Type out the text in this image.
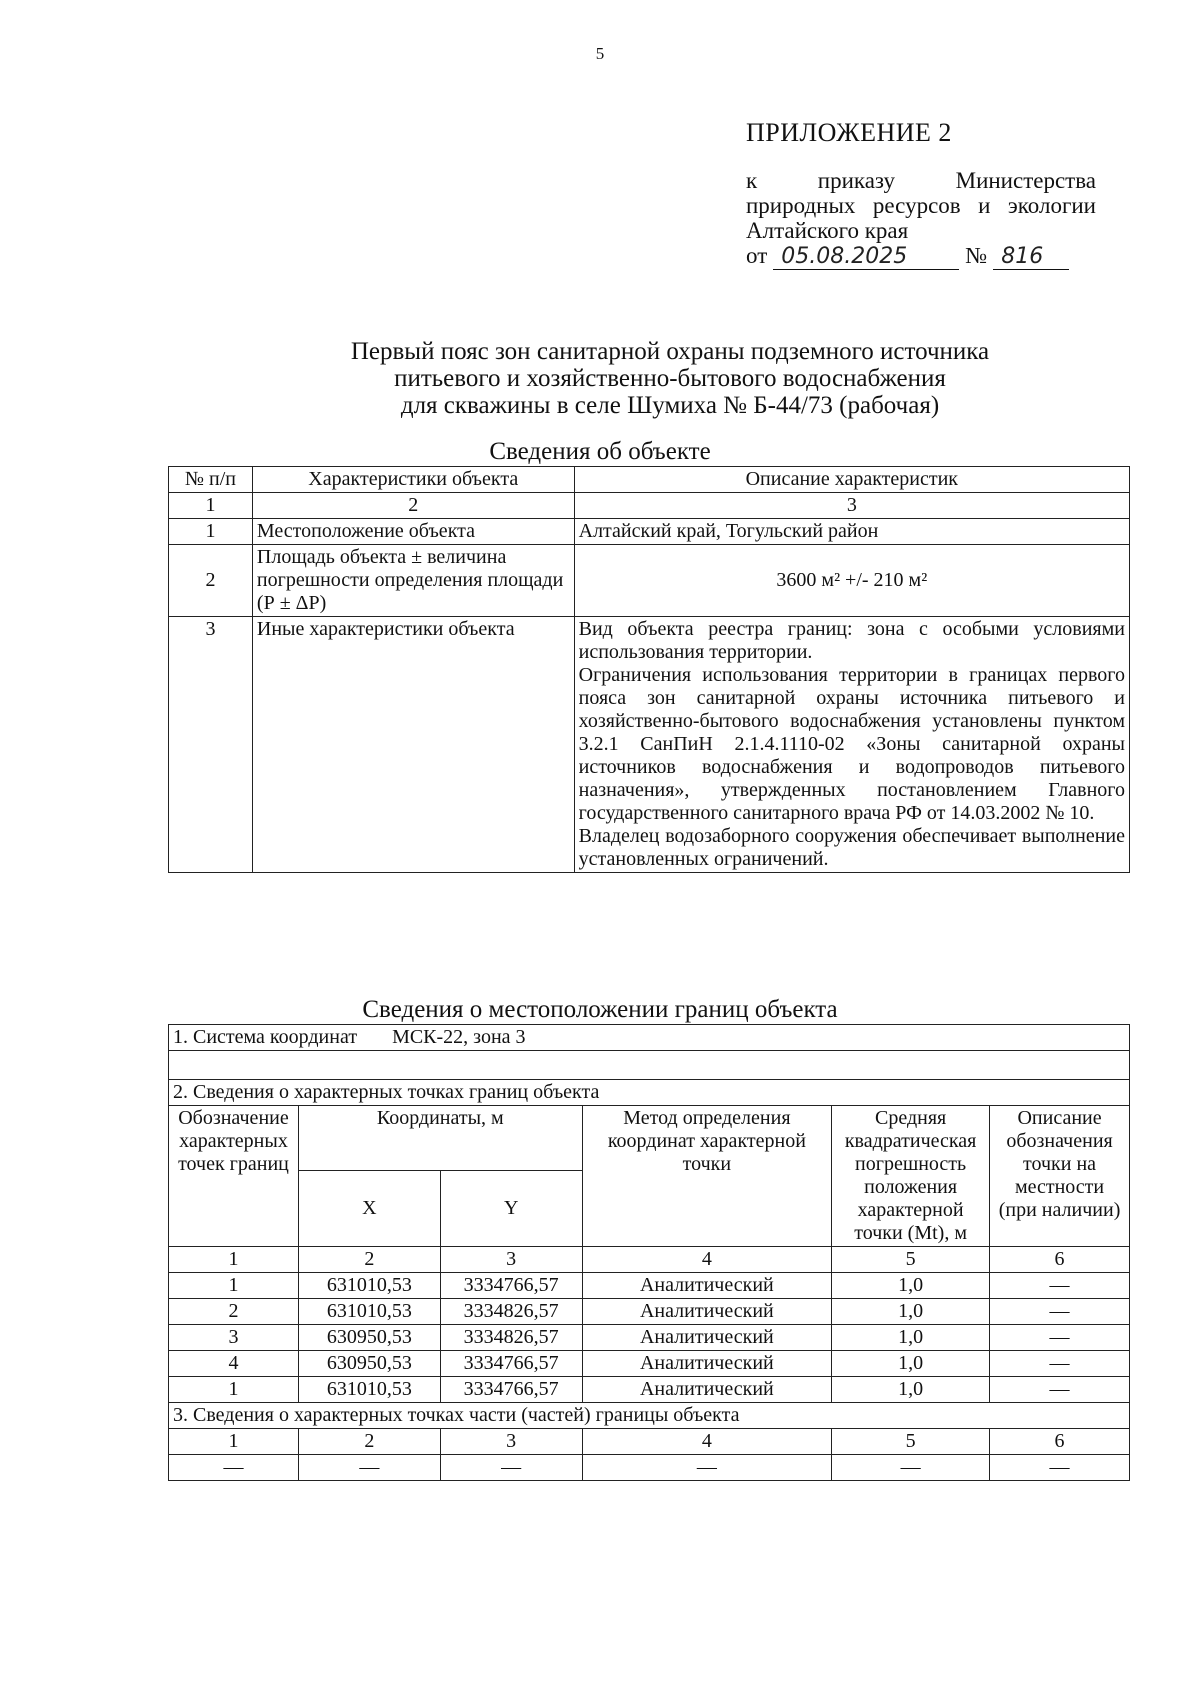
5
ПРИЛОЖЕНИЕ 2
к приказу Министерства природных ресурсов и экологии Алтайского края
от 05.08.2025	№ 816
Первый пояс зон санитарной охраны подземного источника
питьевого и хозяйственно-бытового водоснабжения
для скважины в селе Шумиха № Б-44/73 (рабочая)
Сведения об объекте
№ п/п	Характеристики объекта	Описание характеристик
1	2	3
1	Местоположение объекта	Алтайский край, Тогульский район
2	Площадь объекта ± величина погрешности определения площади (Р ± ΔР)	3600 м² +/- 210 м²
3	Иные характеристики объекта	Вид объекта реестра границ: зона с особыми условиями использования территории.
Ограничения использования территории в границах первого пояса зон санитарной охраны источника питьевого и хозяйственно-бытового водоснабжения установлены пунктом 3.2.1 СанПиН 2.1.4.1110-02 «Зоны санитарной охраны источников водоснабжения и водопроводов питьевого назначения», утвержденных постановлением Главного государственного санитарного врача РФ от 14.03.2002 № 10.
Владелец водозаборного сооружения обеспечивает выполнение установленных ограничений.
Сведения о местоположении границ объекта
1. Система координат МСК-22, зона 3					

2. Сведения о характерных точках границ объекта					
Обозначение характерных точек границ	Координаты, м		Метод определения координат характерной точки	Средняя квадратическая погрешность положения характерной точки (Mt), м	Описание обозначения точки на местности (при наличии)
	X	Y			
1	2	3	4	5	6
1	631010,53	3334766,57	Аналитический	1,0	—
2	631010,53	3334826,57	Аналитический	1,0	—
3	630950,53	3334826,57	Аналитический	1,0	—
4	630950,53	3334766,57	Аналитический	1,0	—
1	631010,53	3334766,57	Аналитический	1,0	—
3. Сведения о характерных точках части (частей) границы объекта					
1	2	3	4	5	6
—	—	—	—	—	—
